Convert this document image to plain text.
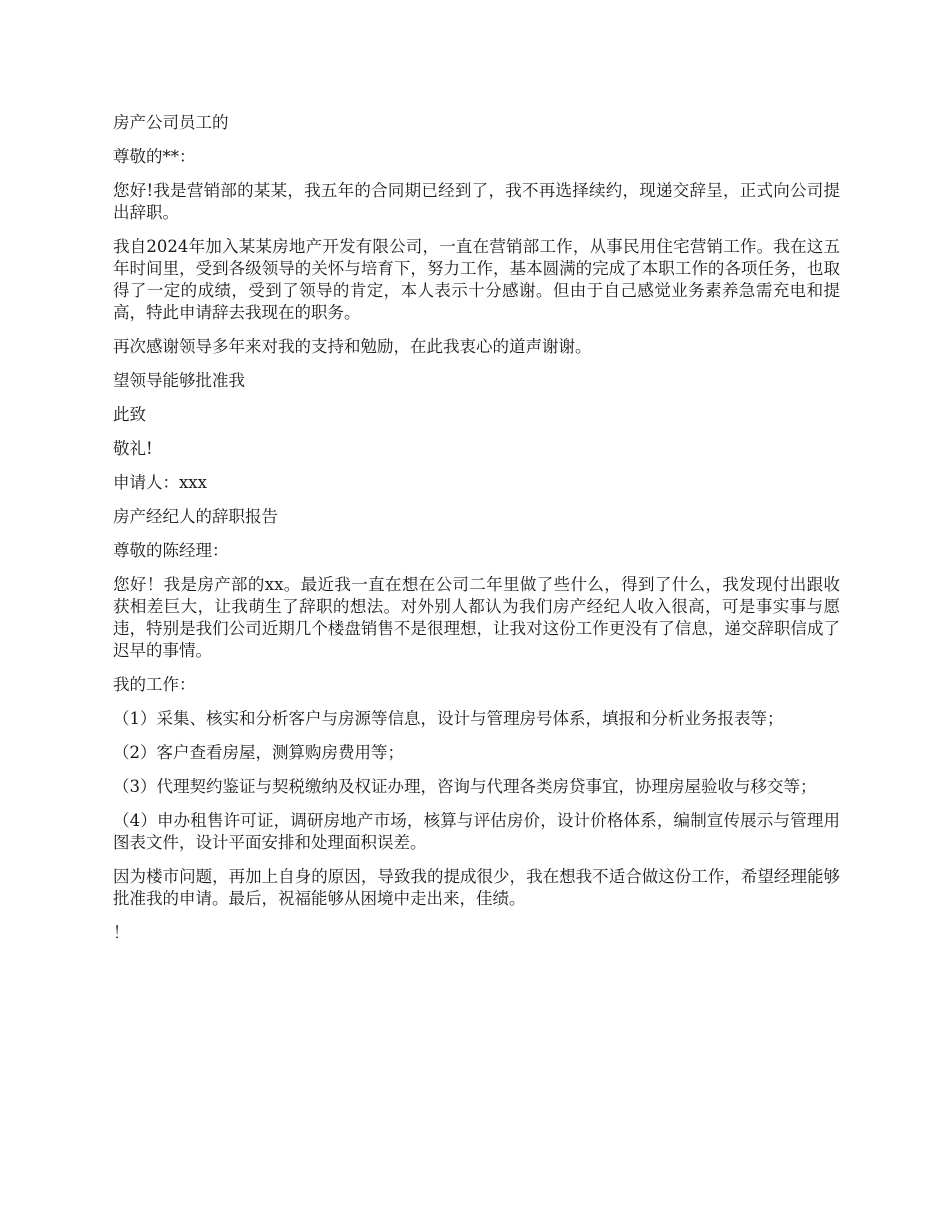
房产公司员工的

尊敬的**：

您好!我是营销部的某某，我五年的合同期已经到了，我不再选择续约，现递交辞呈，正式向公司提出辞职。

我自2024年加入某某房地产开发有限公司，一直在营销部工作，从事民用住宅营销工作。我在这五年时间里，受到各级领导的关怀与培育下，努力工作，基本圆满的完成了本职工作的各项任务，也取得了一定的成绩，受到了领导的肯定，本人表示十分感谢。但由于自己感觉业务素养急需充电和提高，特此申请辞去我现在的职务。

再次感谢领导多年来对我的支持和勉励，在此我衷心的道声谢谢。

望领导能够批准我

此致

敬礼!

申请人：xxx

房产经纪人的辞职报告

尊敬的陈经理：

您好！我是房产部的xx。最近我一直在想在公司二年里做了些什么，得到了什么，我发现付出跟收获相差巨大，让我萌生了辞职的想法。对外别人都认为我们房产经纪人收入很高，可是事实事与愿违，特别是我们公司近期几个楼盘销售不是很理想，让我对这份工作更没有了信息，递交辞职信成了迟早的事情。

我的工作：

（1）采集、核实和分析客户与房源等信息，设计与管理房号体系，填报和分析业务报表等；

（2）客户查看房屋，测算购房费用等；

（3）代理契约鉴证与契税缴纳及权证办理，咨询与代理各类房贷事宜，协理房屋验收与移交等；

（4）申办租售许可证，调研房地产市场，核算与评估房价，设计价格体系，编制宣传展示与管理用图表文件，设计平面安排和处理面积误差。

因为楼市问题，再加上自身的原因，导致我的提成很少，我在想我不适合做这份工作，希望经理能够批准我的申请。最后，祝福能够从困境中走出来，佳绩。

！
